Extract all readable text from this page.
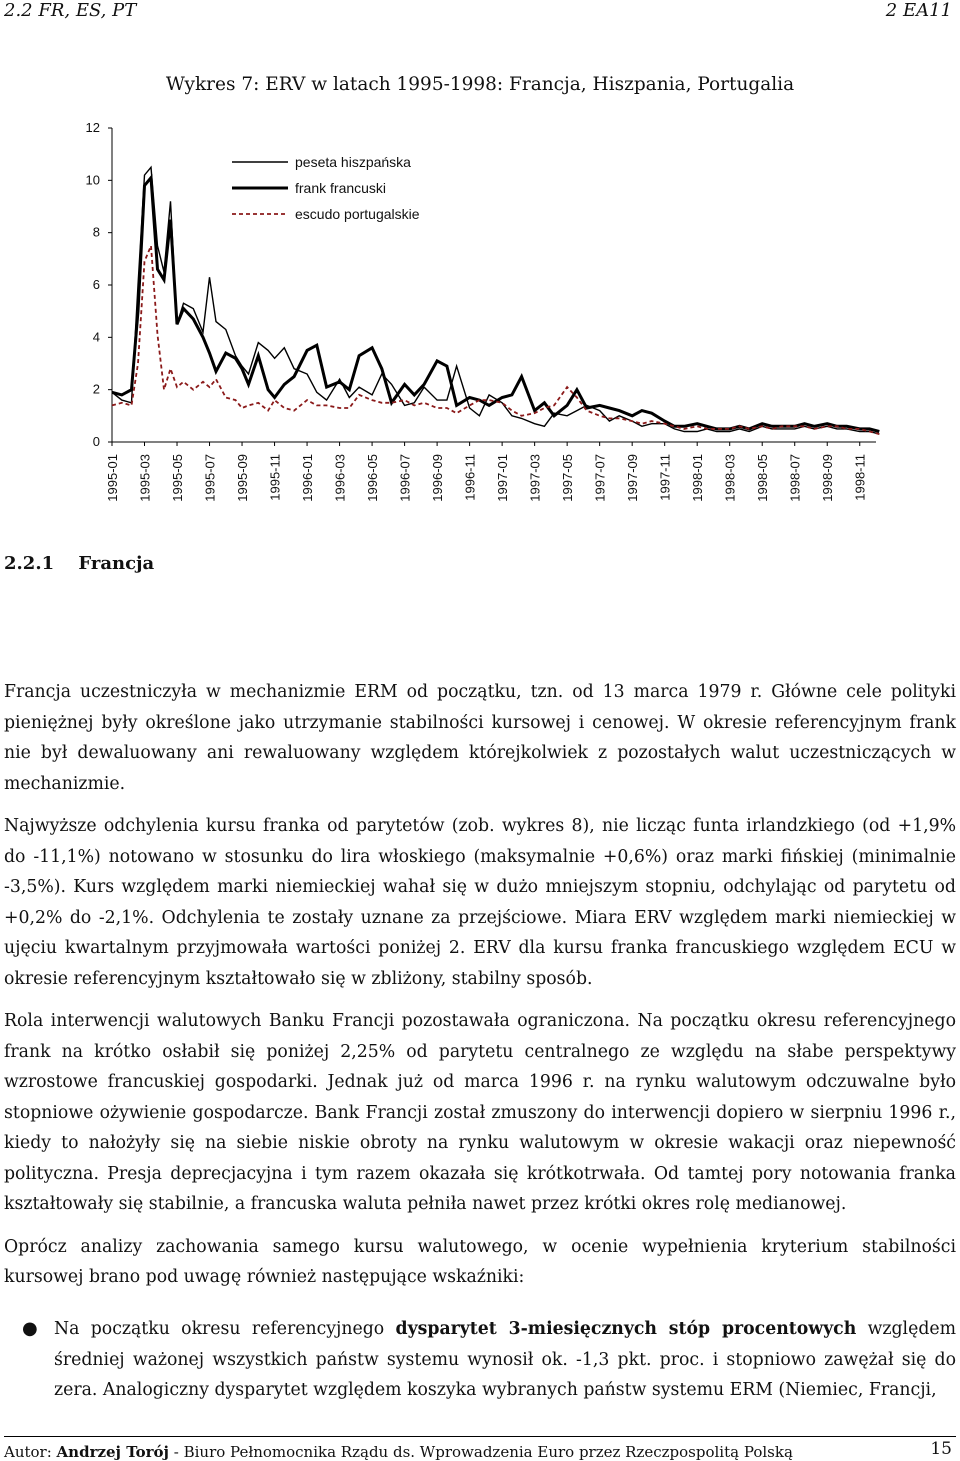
2.2 FR, ES, PT	2 EA11
Wykres 7: ERV w latach 1995-1998: Francja, Hiszpania, Portugalia
0
2
4
6
8
10
12
1995-01 1995-03 1995-05 1995-07 1995-09 1995-11 1996-01 1996-03 1996-05 1996-07 1996-09 1996-11 1997-01 1997-03 1997-05 1997-07 1997-09 1997-11 1998-01 1998-03 1998-05 1998-07 1998-09 1998-11
peseta hiszpańska
frank francuski
escudo portugalskie
2.2.1 Francja

Francja uczestniczyła w mechanizmie ERM od początku, tzn. od 13 marca 1979 r. Główne cele polityki pieniężnej były określone jako utrzymanie stabilności kursowej i cenowej. W okresie referencyjnym frank nie był dewaluowany ani rewaluowany względem którejkolwiek z pozostałych walut uczestniczących w mechanizmie.

Najwyższe odchylenia kursu franka od parytetów (zob. wykres 8), nie licząc funta irlandzkiego (od +1,9% do -11,1%) notowano w stosunku do lira włoskiego (maksymalnie +0,6%) oraz marki fińskiej (minimalnie -3,5%). Kurs względem marki niemieckiej wahał się w dużo mniejszym stopniu, odchylając od parytetu od +0,2% do -2,1%. Odchylenia te zostały uznane za przejściowe. Miara ERV względem marki niemieckiej w ujęciu kwartalnym przyjmowała wartości poniżej 2. ERV dla kursu franka francuskiego względem ECU w okresie referencyjnym kształtowało się w zbliżony, stabilny sposób.

Rola interwencji walutowych Banku Francji pozostawała ograniczona. Na początku okresu referencyjnego frank na krótko osłabił się poniżej 2,25% od parytetu centralnego ze względu na słabe perspektywy wzrostowe francuskiej gospodarki. Jednak już od marca 1996 r. na rynku walutowym odczuwalne było stopniowe ożywienie gospodarcze. Bank Francji został zmuszony do interwencji dopiero w sierpniu 1996 r., kiedy to nałożyły się na siebie niskie obroty na rynku walutowym w okresie wakacji oraz niepewność polityczna. Presja deprecjacyjna i tym razem okazała się krótkotrwała. Od tamtej pory notowania franka kształtowały się stabilnie, a francuska waluta pełniła nawet przez krótki okres rolę medianowej.

Oprócz analizy zachowania samego kursu walutowego, w ocenie wypełnienia kryterium stabilności kursowej brano pod uwagę również następujące wskaźniki:

● Na początku okresu referencyjnego dysparytet 3-miesięcznych stóp procentowych względem średniej ważonej wszystkich państw systemu wynosił ok. -1,3 pkt. proc. i stopniowo zawężał się do zera. Analogiczny dysparytet względem koszyka wybranych państw systemu ERM (Niemiec, Francji,
Autor: Andrzej Torój - Biuro Pełnomocnika Rządu ds. Wprowadzenia Euro przez Rzeczpospolitą Polską	15
